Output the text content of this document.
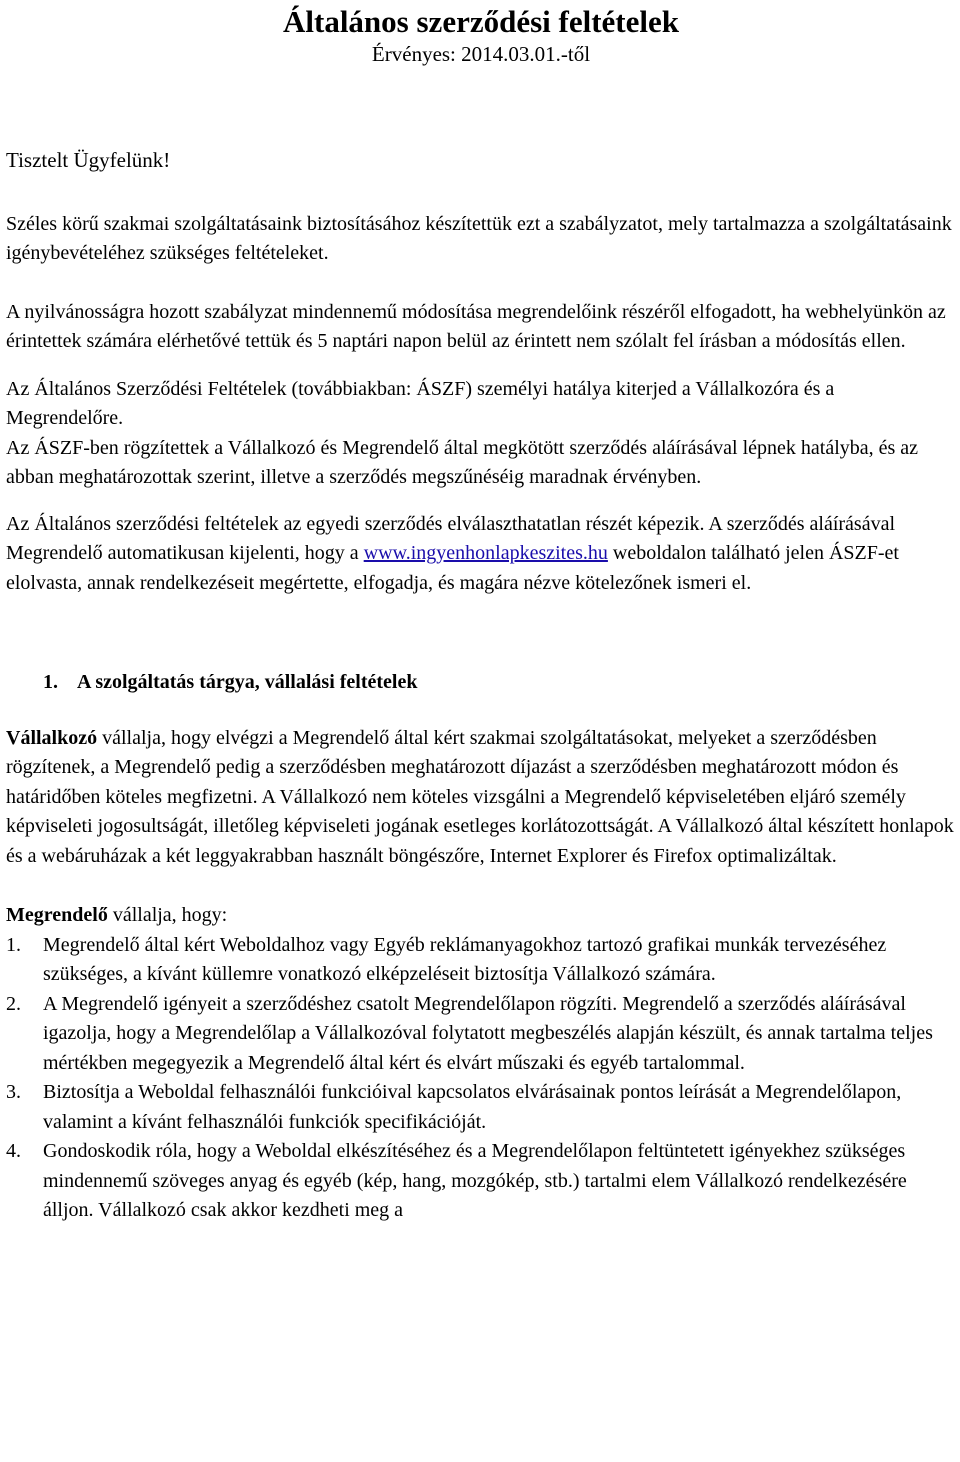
Általános szerződési feltételek

Érvényes: 2014.03.01.-től

Tisztelt Ügyfelünk!

Széles körű szakmai szolgáltatásaink biztosításához készítettük ezt a szabályzatot, mely tartalmazza a szolgáltatásaink igénybevételéhez szükséges feltételeket.

A nyilvánosságra hozott szabályzat mindennemű módosítása megrendelőink részéről elfogadott, ha webhelyünkön az érintettek számára elérhetővé tettük és 5 naptári napon belül az érintett nem szólalt fel írásban a módosítás ellen.

Az Általános Szerződési Feltételek (továbbiakban: ÁSZF) személyi hatálya kiterjed a Vállalkozóra és a Megrendelőre.

Az ÁSZF-ben rögzítettek a Vállalkozó és Megrendelő által megkötött szerződés aláírásával lépnek hatályba, és az abban meghatározottak szerint, illetve a szerződés megszűnéséig maradnak érvényben.

Az Általános szerződési feltételek az egyedi szerződés elválaszthatatlan részét képezik. A szerződés aláírásával Megrendelő automatikusan kijelenti, hogy a www.ingyenhonlapkeszites.hu weboldalon található jelen ÁSZF-et elolvasta, annak rendelkezéseit megértette, elfogadja, és magára nézve kötelezőnek ismeri el.

1. A szolgáltatás tárgya, vállalási feltételek

Vállalkozó vállalja, hogy elvégzi a Megrendelő által kért szakmai szolgáltatásokat, melyeket a szerződésben rögzítenek, a Megrendelő pedig a szerződésben meghatározott díjazást a szerződésben meghatározott módon és határidőben köteles megfizetni. A Vállalkozó nem köteles vizsgálni a Megrendelő képviseletében eljáró személy képviseleti jogosultságát, illetőleg képviseleti jogának esetleges korlátozottságát. A Vállalkozó által készített honlapok és a webáruházak a két leggyakrabban használt böngészőre, Internet Explorer és Firefox optimalizáltak.

Megrendelő vállalja, hogy:

1. Megrendelő által kért Weboldalhoz vagy Egyéb reklámanyagokhoz tartozó grafikai munkák tervezéséhez szükséges, a kívánt küllemre vonatkozó elképzeléseit biztosítja Vállalkozó számára.
2. A Megrendelő igényeit a szerződéshez csatolt Megrendelőlapon rögzíti. Megrendelő a szerződés aláírásával igazolja, hogy a Megrendelőlap a Vállalkozóval folytatott megbeszélés alapján készült, és annak tartalma teljes mértékben megegyezik a Megrendelő által kért és elvárt műszaki és egyéb tartalommal.
3. Biztosítja a Weboldal felhasználói funkcióival kapcsolatos elvárásainak pontos leírását a Megrendelőlapon, valamint a kívánt felhasználói funkciók specifikációját.
4. Gondoskodik róla, hogy a Weboldal elkészítéséhez és a Megrendelőlapon feltüntetett igényekhez szükséges mindennemű szöveges anyag és egyéb (kép, hang, mozgókép, stb.) tartalmi elem Vállalkozó rendelkezésére álljon. Vállalkozó csak akkor kezdheti meg a
